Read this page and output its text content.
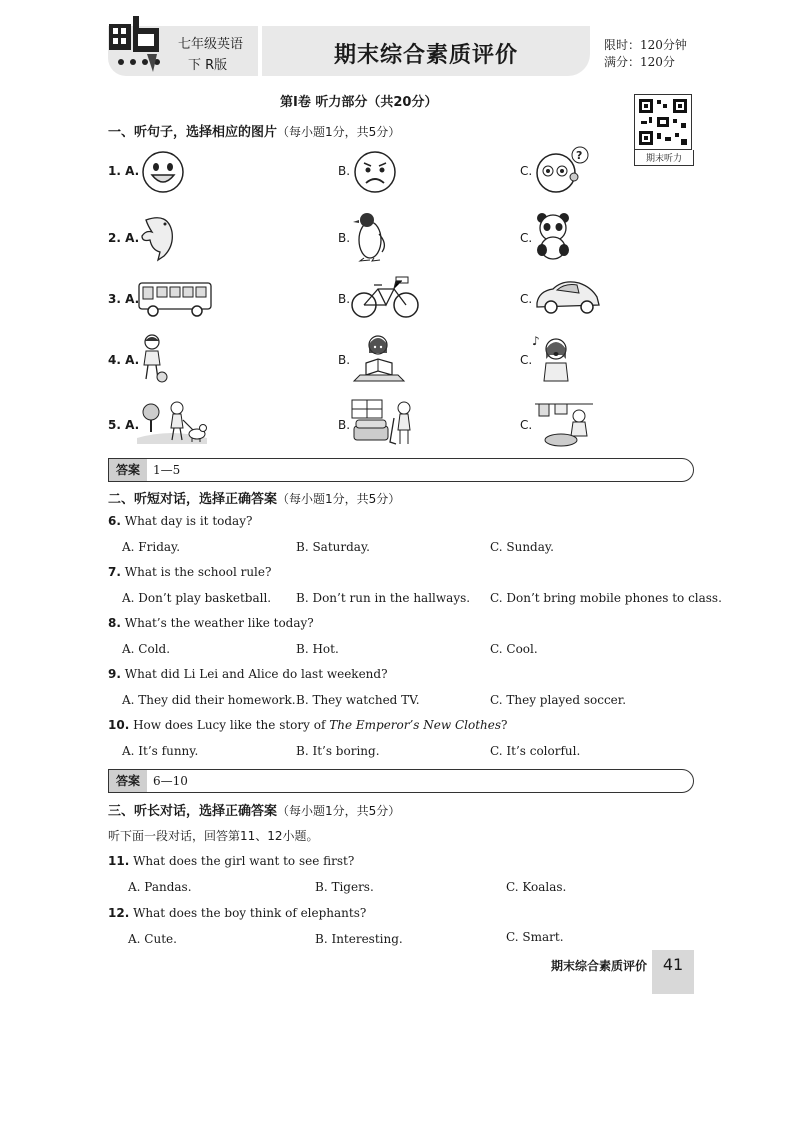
七年级英语
下 R版	期末综合素质评价	限时：120分钟
满分：120分
第Ⅰ卷 听力部分（共20分）
期末听力
一、听句子，选择相应的图片（每小题1分，共5分）
1. A.	B.	C.
?
2. A.	B.	C.
3. A.	B.	C.
4. A.	B.	C.
♪
5. A.	B.	C.
答案	1—5
二、听短对话，选择正确答案（每小题1分，共5分）
6. What day is it today?
A. Friday.	B. Saturday.	C. Sunday.
7. What is the school rule?
A. Don’t play basketball. B. Don’t run in the hallways. C. Don’t bring mobile phones to class.
8. What’s the weather like today?
A. Cold.	B. Hot.	C. Cool.
9. What did Li Lei and Alice do last weekend?
A. They did their homework. B. They watched TV.	C. They played soccer.
10. How does Lucy like the story of The Emperor’s New Clothes?
A. It’s funny.	B. It’s boring.	C. It’s colorful.
答案	6—10
三、听长对话，选择正确答案（每小题1分，共5分）
听下面一段对话，回答第11、12小题。
11. What does the girl want to see first?
A. Pandas.	B. Tigers.	C. Koalas.
12. What does the boy think of elephants?
A. Cute.	B. Interesting.	C. Smart.
期末综合素质评价 41
